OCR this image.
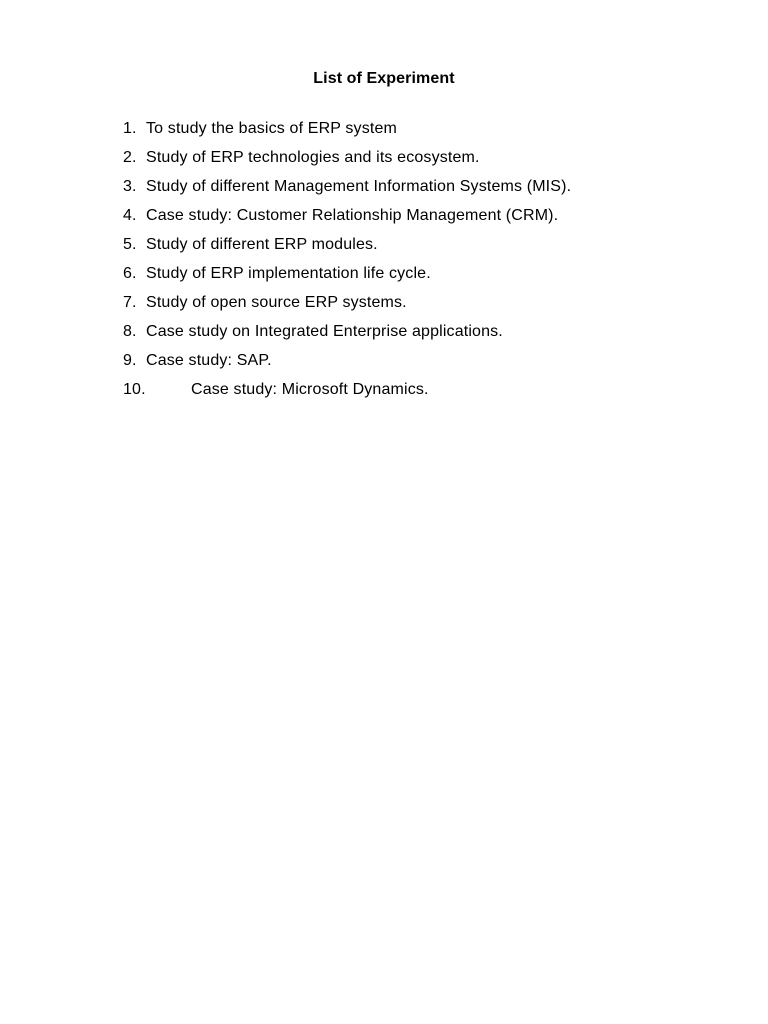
List of Experiment
1. To study the basics of ERP system
2. Study of ERP technologies and its ecosystem.
3. Study of different Management Information Systems (MIS).
4. Case study: Customer Relationship Management (CRM).
5. Study of different ERP modules.
6. Study of ERP implementation life cycle.
7. Study of open source ERP systems.
8. Case study on Integrated Enterprise applications.
9. Case study: SAP.
10.	Case study: Microsoft Dynamics.
